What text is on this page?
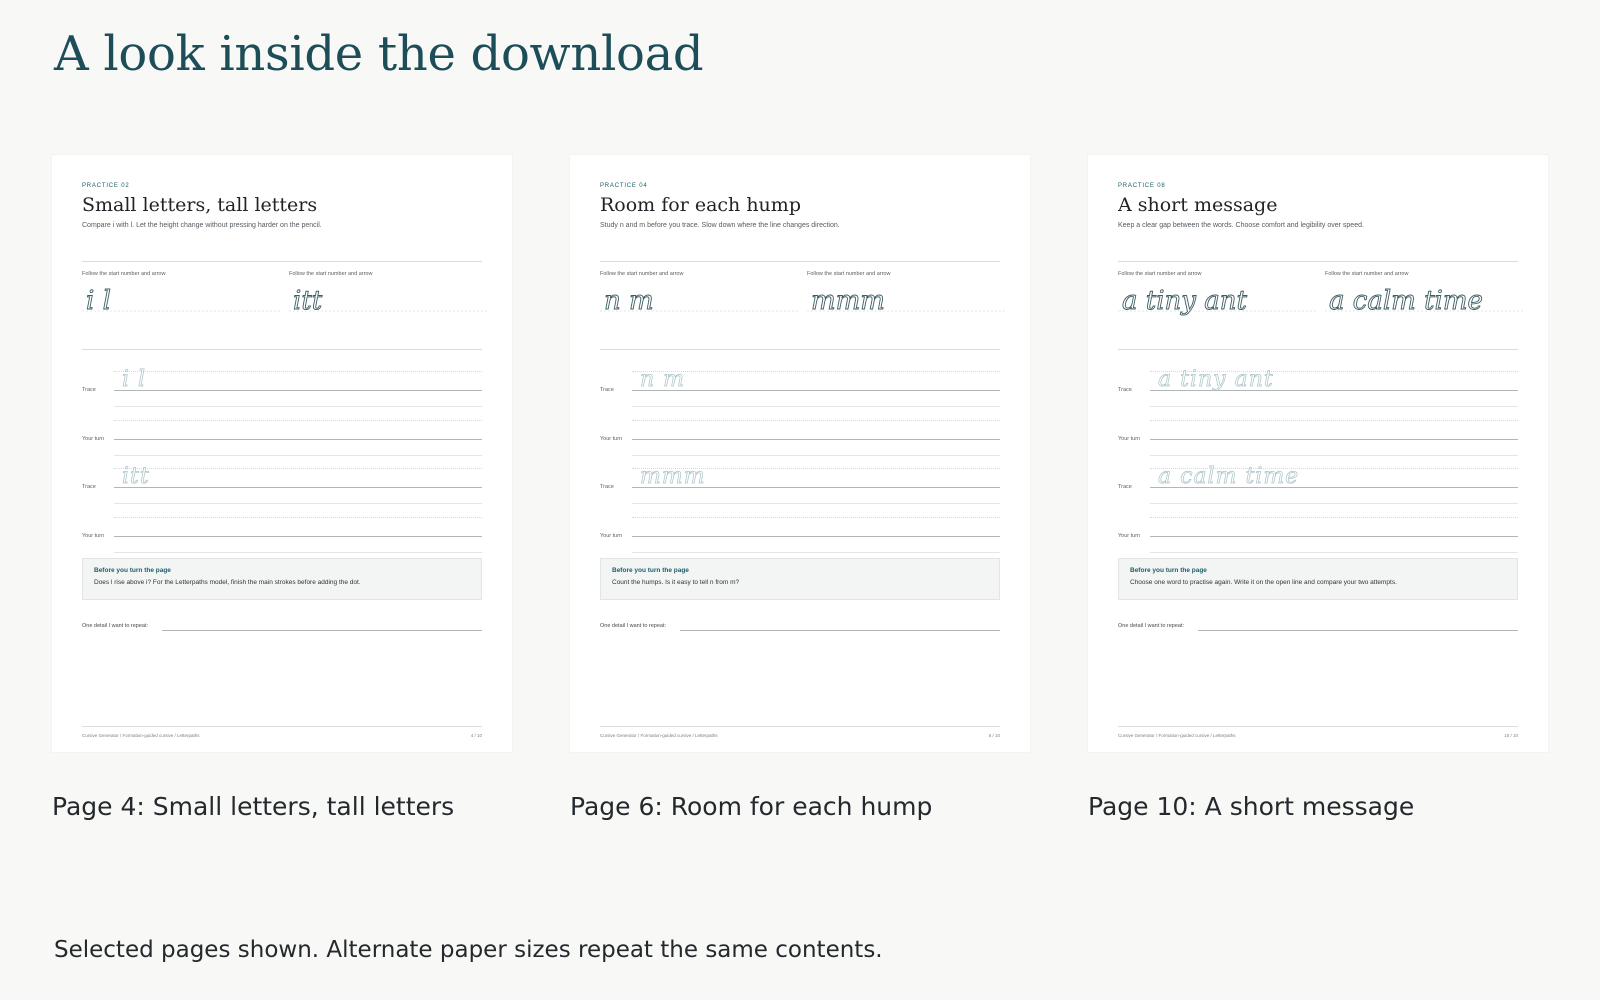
A look inside the download
PRACTICE 02
Small letters, tall letters
Compare i with l. Let the height change without pressing harder on the pencil.
Follow the start number and arrow
i l
Follow the start number and arrow
itt
Trace i l
Your turn
Trace itt
Your turn
Before you turn the page
Does l rise above i? For the Letterpaths model, finish the main strokes before adding the dot.
One detail I want to repeat:
Cursive Generator / Formation-guided cursive / Letterpaths	4 / 10
Page 4: Small letters, tall letters
PRACTICE 04
Room for each hump
Study n and m before you trace. Slow down where the line changes direction.
Follow the start number and arrow
n m
Follow the start number and arrow
mmm
Trace n m
Your turn
Trace mmm
Your turn
Before you turn the page
Count the humps. Is it easy to tell n from m?
One detail I want to repeat:
Cursive Generator / Formation-guided cursive / Letterpaths	6 / 10
Page 6: Room for each hump
PRACTICE 08
A short message
Keep a clear gap between the words. Choose comfort and legibility over speed.
Follow the start number and arrow
a tiny ant
Follow the start number and arrow
a calm time
Trace a tiny ant
Your turn
Trace a calm time
Your turn
Before you turn the page
Choose one word to practise again. Write it on the open line and compare your two attempts.
One detail I want to repeat:
Cursive Generator / Formation-guided cursive / Letterpaths	10 / 10
Page 10: A short message

Selected pages shown. Alternate paper sizes repeat the same contents.
